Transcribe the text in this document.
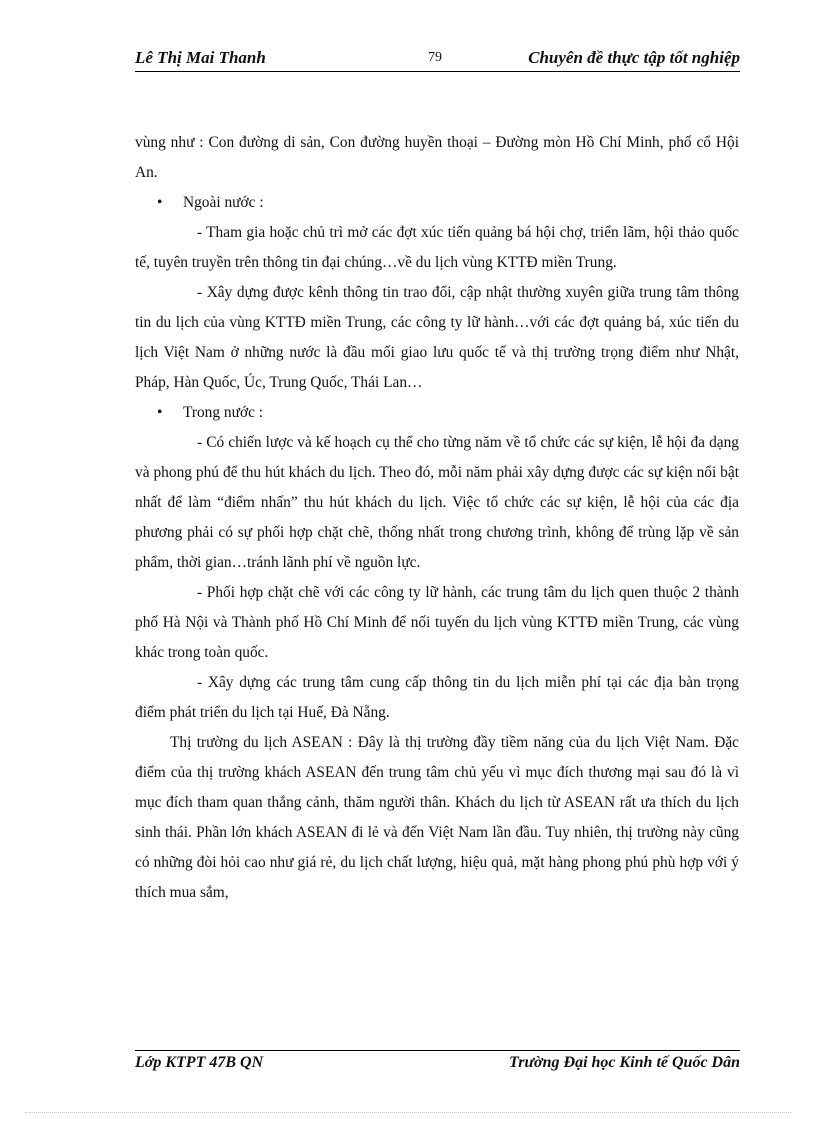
Lê Thị Mai Thanh	79	Chuyên đề thực tập tốt nghiệp

vùng như : Con đường di sản, Con đường huyền thoại – Đường mòn Hồ Chí Minh, phố cổ Hội An.

• Ngoài nước :

- Tham gia hoặc chủ trì mở các đợt xúc tiến quảng bá hội chợ, triển lãm, hội thảo quốc tế, tuyên truyền trên thông tin đại chúng…về du lịch vùng KTTĐ miền Trung.

- Xây dựng được kênh thông tin trao đổi, cập nhật thường xuyên giữa trung tâm thông tin du lịch của vùng KTTĐ miền Trung, các công ty lữ hành…với các đợt quảng bá, xúc tiến du lịch Việt Nam ở những nước là đầu mối giao lưu quốc tế và thị trường trọng điểm như Nhật, Pháp, Hàn Quốc, Úc, Trung Quốc, Thái Lan…

• Trong nước :

- Có chiến lược và kế hoạch cụ thể cho từng năm về tổ chức các sự kiện, lễ hội đa dạng và phong phú để thu hút khách du lịch. Theo đó, mỗi năm phải xây dựng được các sự kiện nổi bật nhất để làm “điểm nhấn” thu hút khách du lịch. Việc tổ chức các sự kiện, lễ hội của các địa phương phải có sự phối hợp chặt chẽ, thống nhất trong chương trình, không để trùng lặp về sản phẩm, thời gian…tránh lãnh phí về nguồn lực.

- Phối hợp chặt chẽ với các công ty lữ hành, các trung tâm du lịch quen thuộc 2 thành phố Hà Nội và Thành phố Hồ Chí Minh để nối tuyến du lịch vùng KTTĐ miền Trung, các vùng khác trong toàn quốc.

- Xây dựng các trung tâm cung cấp thông tin du lịch miễn phí tại các địa bàn trọng điểm phát triển du lịch tại Huế, Đà Nẵng.

Thị trường du lịch ASEAN : Đây là thị trường đầy tiềm năng của du lịch Việt Nam. Đặc điểm của thị trường khách ASEAN đến trung tâm chủ yếu vì mục đích thương mại sau đó là vì mục đích tham quan thắng cảnh, thăm người thân. Khách du lịch từ ASEAN rất ưa thích du lịch sinh thái. Phần lớn khách ASEAN đi lẻ và đến Việt Nam lần đầu. Tuy nhiên, thị trường này cũng có những đòi hỏi cao như giá rẻ, du lịch chất lượng, hiệu quả, mặt hàng phong phú phù hợp với ý thích mua sắm,

Lớp KTPT 47B QN	Trường Đại học Kinh tế Quốc Dân
